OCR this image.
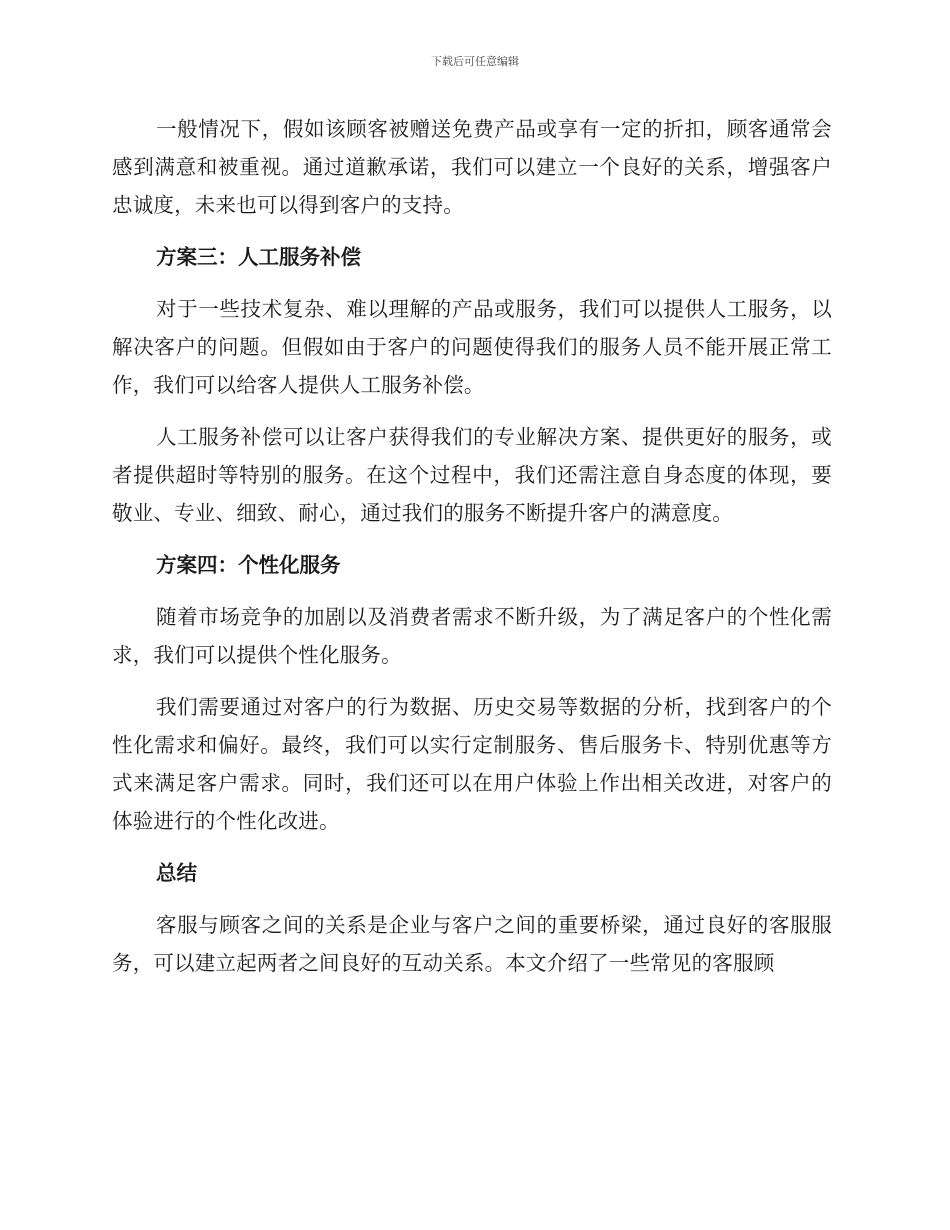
下载后可任意编辑

一般情况下，假如该顾客被赠送免费产品或享有一定的折扣，顾客通常会感到满意和被重视。通过道歉承诺，我们可以建立一个良好的关系，增强客户忠诚度，未来也可以得到客户的支持。

方案三：人工服务补偿

对于一些技术复杂、难以理解的产品或服务，我们可以提供人工服务，以解决客户的问题。但假如由于客户的问题使得我们的服务人员不能开展正常工作，我们可以给客人提供人工服务补偿。

人工服务补偿可以让客户获得我们的专业解决方案、提供更好的服务，或者提供超时等特别的服务。在这个过程中，我们还需注意自身态度的体现，要敬业、专业、细致、耐心，通过我们的服务不断提升客户的满意度。

方案四：个性化服务

随着市场竞争的加剧以及消费者需求不断升级，为了满足客户的个性化需求，我们可以提供个性化服务。

我们需要通过对客户的行为数据、历史交易等数据的分析，找到客户的个性化需求和偏好。最终，我们可以实行定制服务、售后服务卡、特别优惠等方式来满足客户需求。同时，我们还可以在用户体验上作出相关改进，对客户的体验进行的个性化改进。

总结

客服与顾客之间的关系是企业与客户之间的重要桥梁，通过良好的客服服务，可以建立起两者之间良好的互动关系。本文介绍了一些常见的客服顾
